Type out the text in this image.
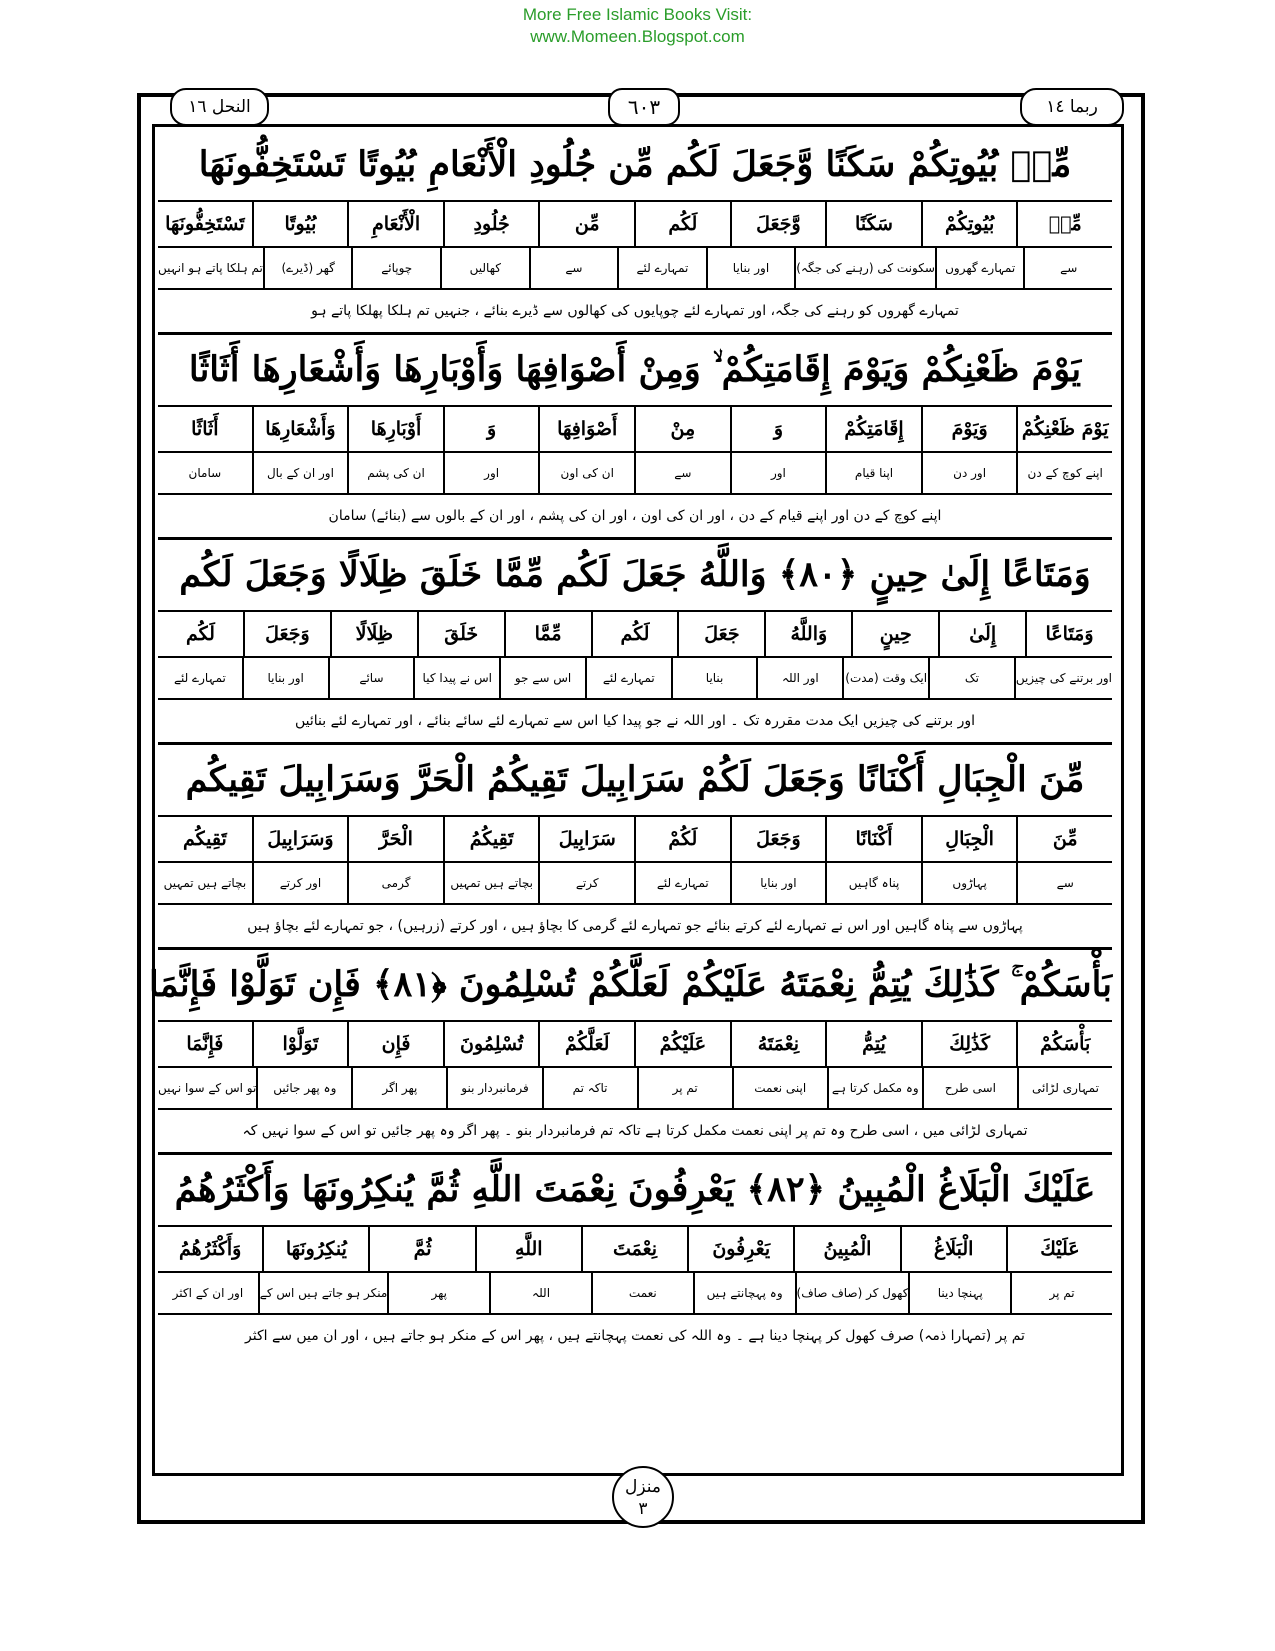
More Free Islamic Books Visit:
www.Momeen.Blogspot.com
ربما ١٤
٦٠٣
النحل ١٦
مِّنۢ بُيُوتِكُمْ سَكَنًا وَّجَعَلَ لَكُم مِّن جُلُودِ الْأَنْعَامِ بُيُوتًا تَسْتَخِفُّونَهَا
مِّنۢ
بُيُوتِكُمْ
سَكَنًا
وَّجَعَلَ
لَكُم
مِّن
جُلُودِ
الْأَنْعَامِ
بُيُوتًا
تَسْتَخِفُّونَهَا
سے
تمہارے گھروں
سکونت کی (رہنے کی جگہ)
اور بنایا
تمہارے لئے
سے
کھالیں
چوپائے
گھر (ڈیرے)
تم ہلکا پاتے ہو انہیں
تمہارے گھروں کو رہنے کی جگہ، اور تمہارے لئے چوپایوں کی کھالوں سے ڈیرے بنائے ، جنہیں تم ہلکا پھلکا پاتے ہو
يَوْمَ ظَعْنِكُمْ وَيَوْمَ إِقَامَتِكُمْ ۙ وَمِنْ أَصْوَافِهَا وَأَوْبَارِهَا وَأَشْعَارِهَا أَثَاثًا
يَوْمَ ظَعْنِكُمْ
وَيَوْمَ
إِقَامَتِكُمْ
وَ
مِنْ
أَصْوَافِهَا
وَ
أَوْبَارِهَا
وَأَشْعَارِهَا
أَثَاثًا
اپنے کوچ کے دن
اور دن
اپنا قیام
اور
سے
ان کی اون
اور
ان کی پشم
اور ان کے بال
سامان
اپنے کوچ کے دن اور اپنے قیام کے دن ، اور ان کی اون ، اور ان کی پشم ، اور ان کے بالوں سے (بنائے) سامان
وَمَتَاعًا إِلَىٰ حِينٍ ﴿٨٠﴾ وَاللَّهُ جَعَلَ لَكُم مِّمَّا خَلَقَ ظِلَالًا وَجَعَلَ لَكُم
وَمَتَاعًا
إِلَىٰ
حِينٍ
وَاللَّهُ
جَعَلَ
لَكُم
مِّمَّا
خَلَقَ
ظِلَالًا
وَجَعَلَ
لَكُم
اور برتنے کی چیزیں
تک
ایک وقت (مدت)
اور اللہ
بنایا
تمہارے لئے
اس سے جو
اس نے پیدا کیا
سائے
اور بنایا
تمہارے لئے
اور برتنے کی چیزیں ایک مدت مقررہ تک ۔ اور اللہ نے جو پیدا کیا اس سے تمہارے لئے سائے بنائے ، اور تمہارے لئے بنائیں
مِّنَ الْجِبَالِ أَكْنَانًا وَجَعَلَ لَكُمْ سَرَابِيلَ تَقِيكُمُ الْحَرَّ وَسَرَابِيلَ تَقِيكُم
مِّنَ
الْجِبَالِ
أَكْنَانًا
وَجَعَلَ
لَكُمْ
سَرَابِيلَ
تَقِيكُمُ
الْحَرَّ
وَسَرَابِيلَ
تَقِيكُم
سے
پہاڑوں
پناہ گاہیں
اور بنایا
تمہارے لئے
کرتے
بچاتے ہیں تمہیں
گرمی
اور کرتے
بچاتے ہیں تمہیں
پہاڑوں سے پناہ گاہیں اور اس نے تمہارے لئے کرتے بنائے جو تمہارے لئے گرمی کا بچاؤ ہیں ، اور کرتے (زرہیں) ، جو تمہارے لئے بچاؤ ہیں
بَأْسَكُمْ ۚ كَذَٰلِكَ يُتِمُّ نِعْمَتَهُ عَلَيْكُمْ لَعَلَّكُمْ تُسْلِمُونَ ﴿٨١﴾ فَإِن تَوَلَّوْا فَإِنَّمَا
بَأْسَكُمْ
كَذَٰلِكَ
يُتِمُّ
نِعْمَتَهُ
عَلَيْكُمْ
لَعَلَّكُمْ
تُسْلِمُونَ
فَإِن
تَوَلَّوْا
فَإِنَّمَا
تمہاری لڑائی
اسی طرح
وہ مکمل کرتا ہے
اپنی نعمت
تم پر
تاکہ تم
فرمانبردار بنو
پھر اگر
وہ پھر جائیں
تو اس کے سوا نہیں
تمہاری لڑائی میں ، اسی طرح وہ تم پر اپنی نعمت مکمل کرتا ہے تاکہ تم فرمانبردار بنو ۔ پھر اگر وہ پھر جائیں تو اس کے سوا نہیں کہ
عَلَيْكَ الْبَلَاغُ الْمُبِينُ ﴿٨٢﴾ يَعْرِفُونَ نِعْمَتَ اللَّهِ ثُمَّ يُنكِرُونَهَا وَأَكْثَرُهُمُ
عَلَيْكَ
الْبَلَاغُ
الْمُبِينُ
يَعْرِفُونَ
نِعْمَتَ
اللَّهِ
ثُمَّ
يُنكِرُونَهَا
وَأَكْثَرُهُمُ
تم پر
پہنچا دینا
کھول کر (صاف صاف)
وہ پہچانتے ہیں
نعمت
اللہ
پھر
منکر ہو جاتے ہیں اس کے
اور ان کے اکثر
تم پر (تمہارا ذمہ) صرف کھول کر پہنچا دینا ہے ۔ وہ اللہ کی نعمت پہچانتے ہیں ، پھر اس کے منکر ہو جاتے ہیں ، اور ان میں سے اکثر
منزل
٣
